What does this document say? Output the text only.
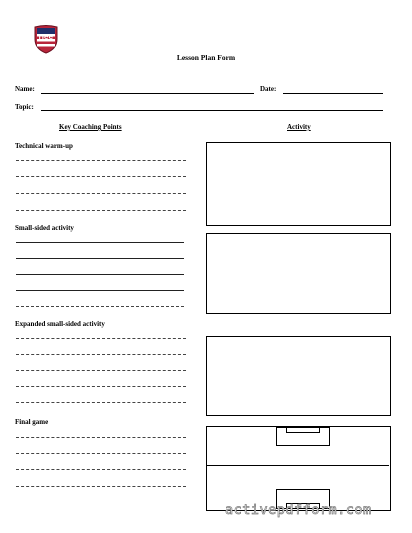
USS
Lesson Plan Form
Name:	Date:
Topic:
Key Coaching Points	Activity
Technical warm-up
Small-sided activity
Expanded small-sided activity
Final game
activepdfform.com
